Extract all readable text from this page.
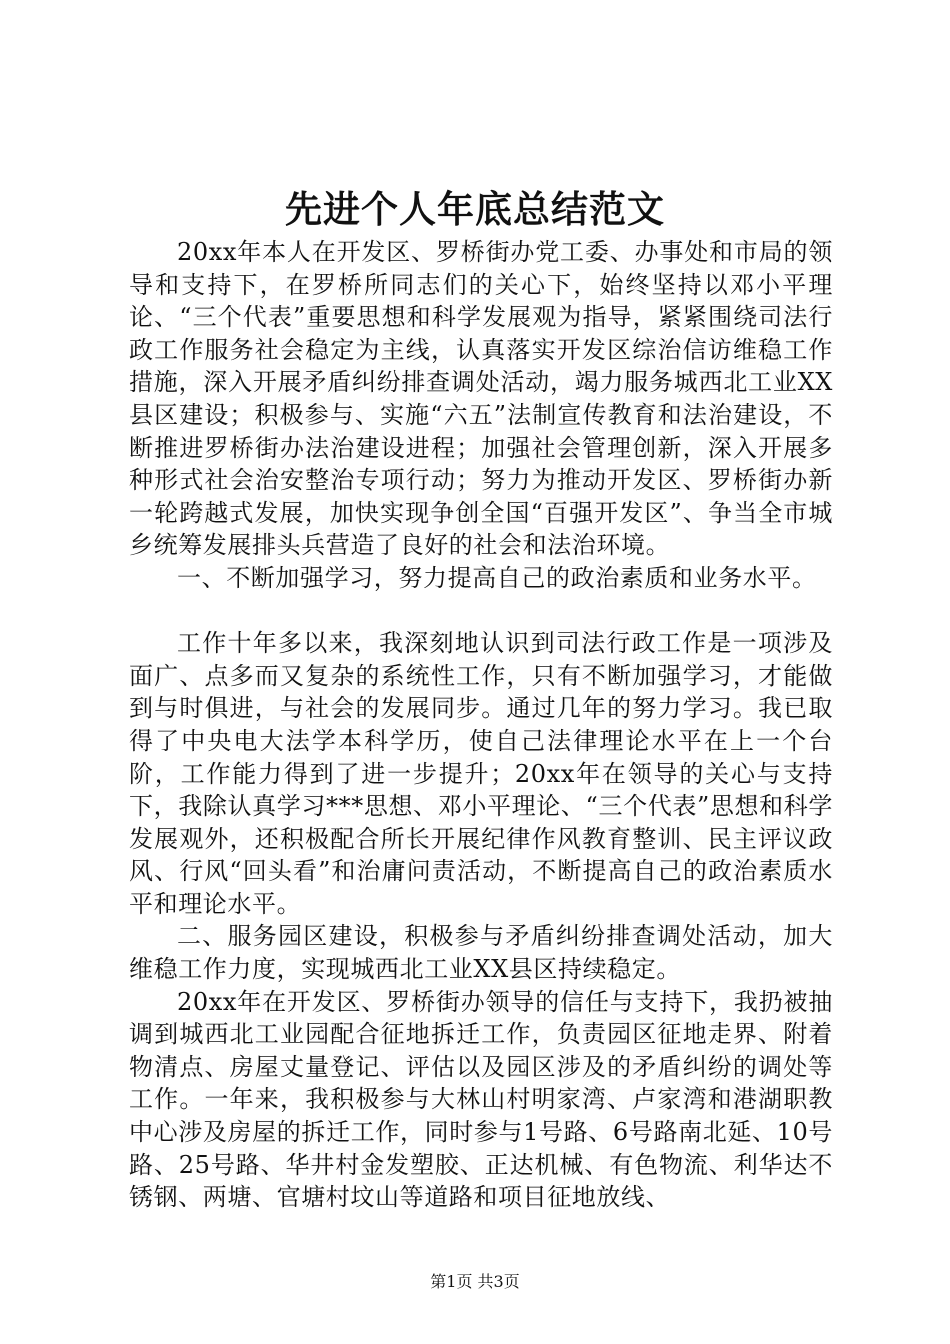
先进个人年底总结范文

20xx年本人在开发区、罗桥街办党工委、办事处和市局的领导和支持下，在罗桥所同志们的关心下，始终坚持以邓小平理论、“三个代表”重要思想和科学发展观为指导，紧紧围绕司法行政工作服务社会稳定为主线，认真落实开发区综治信访维稳工作措施，深入开展矛盾纠纷排查调处活动，竭力服务城西北工业XX县区建设；积极参与、实施“六五”法制宣传教育和法治建设，不断推进罗桥街办法治建设进程；加强社会管理创新，深入开展多种形式社会治安整治专项行动；努力为推动开发区、罗桥街办新一轮跨越式发展，加快实现争创全国“百强开发区”、争当全市城乡统筹发展排头兵营造了良好的社会和法治环境。

一、不断加强学习，努力提高自己的政治素质和业务水平。

工作十年多以来，我深刻地认识到司法行政工作是一项涉及面广、点多而又复杂的系统性工作，只有不断加强学习，才能做到与时俱进，与社会的发展同步。通过几年的努力学习。我已取得了中央电大法学本科学历，使自己法律理论水平在上一个台阶，工作能力得到了进一步提升；20xx年在领导的关心与支持下，我除认真学习***思想、邓小平理论、“三个代表”思想和科学发展观外，还积极配合所长开展纪律作风教育整训、民主评议政风、行风“回头看”和治庸问责活动，不断提高自己的政治素质水平和理论水平。

二、服务园区建设，积极参与矛盾纠纷排查调处活动，加大维稳工作力度，实现城西北工业XX县区持续稳定。

20xx年在开发区、罗桥街办领导的信任与支持下，我扔被抽调到城西北工业园配合征地拆迁工作，负责园区征地走界、附着物清点、房屋丈量登记、评估以及园区涉及的矛盾纠纷的调处等工作。一年来，我积极参与大林山村明家湾、卢家湾和港湖职教中心涉及房屋的拆迁工作，同时参与1号路、6号路南北延、10号路、25号路、华井村金发塑胶、正达机械、有色物流、利华达不锈钢、两塘、官塘村坟山等道路和项目征地放线、

第1页 共3页
